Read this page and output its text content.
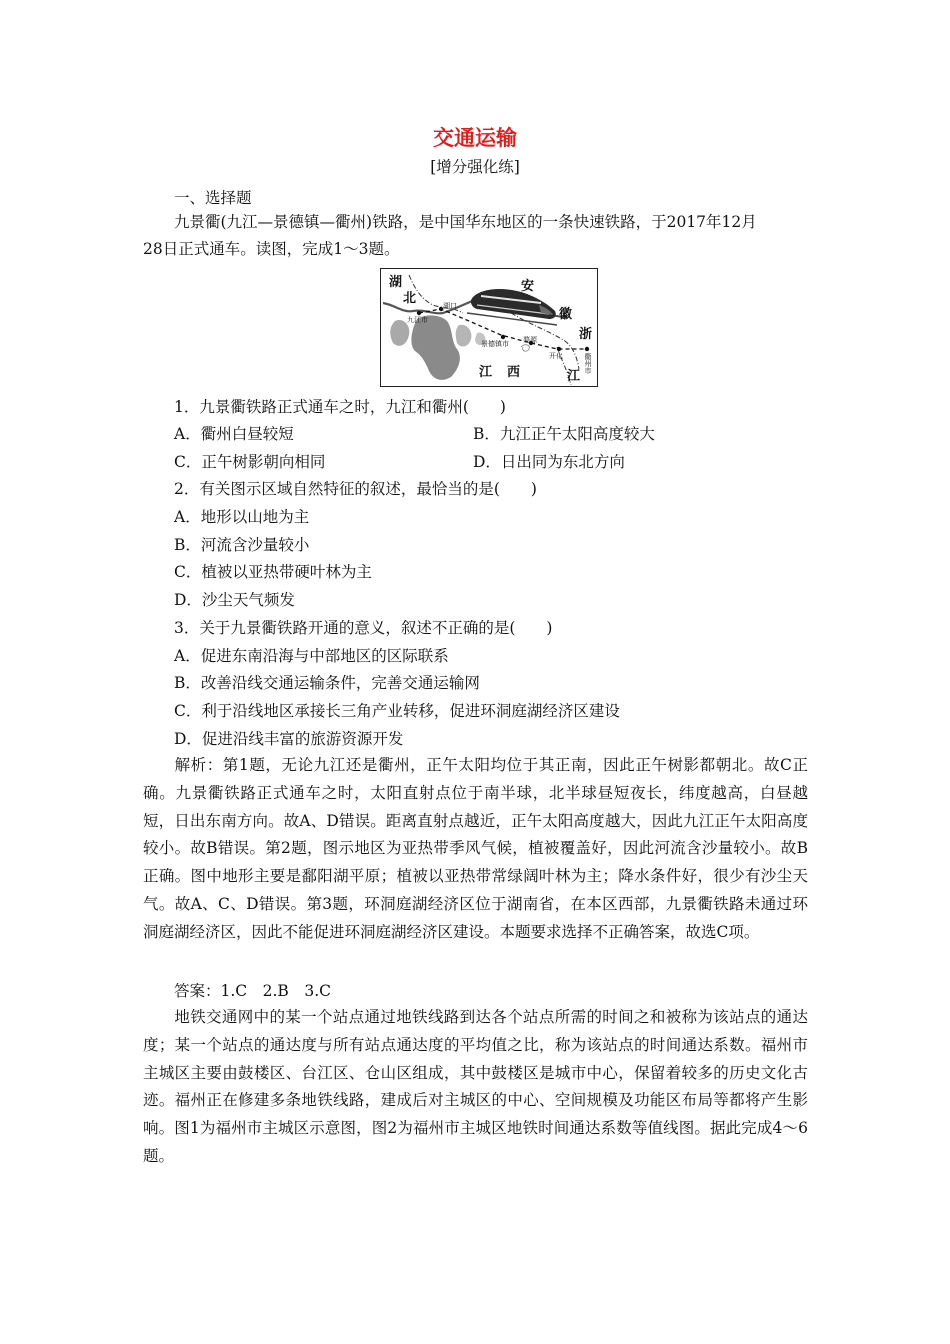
交通运输
[增分强化练]
一、选择题
九景衢(九江—景德镇—衢州)铁路，是中国华东地区的一条快速铁路，于2017年12月
28日正式通车。读图，完成1～3题。
湖
北
安
徽
浙
江 西	江
九江市
湖口
景德镇市 婺源
开化	衢州市
1．九景衢铁路正式通车之时，九江和衢州(　　)
A．衢州白昼较短	B．九江正午太阳高度较大
C．正午树影朝向相同	D．日出同为东北方向
2．有关图示区域自然特征的叙述，最恰当的是(　　)
A．地形以山地为主
B．河流含沙量较小
C．植被以亚热带硬叶林为主
D．沙尘天气频发
3．关于九景衢铁路开通的意义，叙述不正确的是(　　)
A．促进东南沿海与中部地区的区际联系
B．改善沿线交通运输条件，完善交通运输网
C．利于沿线地区承接长三角产业转移，促进环洞庭湖经济区建设
D．促进沿线丰富的旅游资源开发
解析：第1题，无论九江还是衢州，正午太阳均位于其正南，因此正午树影都朝北。故C正确。九景衢铁路正式通车之时，太阳直射点位于南半球，北半球昼短夜长，纬度越高，白昼越短，日出东南方向。故A、D错误。距离直射点越近，正午太阳高度越大，因此九江正午太阳高度较小。故B错误。第2题，图示地区为亚热带季风气候，植被覆盖好，因此河流含沙量较小。故B正确。图中地形主要是鄱阳湖平原；植被以亚热带常绿阔叶林为主；降水条件好，很少有沙尘天气。故A、C、D错误。第3题，环洞庭湖经济区位于湖南省，在本区西部，九景衢铁路未通过环洞庭湖经济区，因此不能促进环洞庭湖经济区建设。本题要求选择不正确答案，故选C项。
答案：1.C　2.B　3.C
地铁交通网中的某一个站点通过地铁线路到达各个站点所需的时间之和被称为该站点的通达度；某一个站点的通达度与所有站点通达度的平均值之比，称为该站点的时间通达系数。福州市主城区主要由鼓楼区、台江区、仓山区组成，其中鼓楼区是城市中心，保留着较多的历史文化古迹。福州正在修建多条地铁线路，建成后对主城区的中心、空间规模及功能区布局等都将产生影响。图1为福州市主城区示意图，图2为福州市主城区地铁时间通达系数等值线图。据此完成4～6题。
